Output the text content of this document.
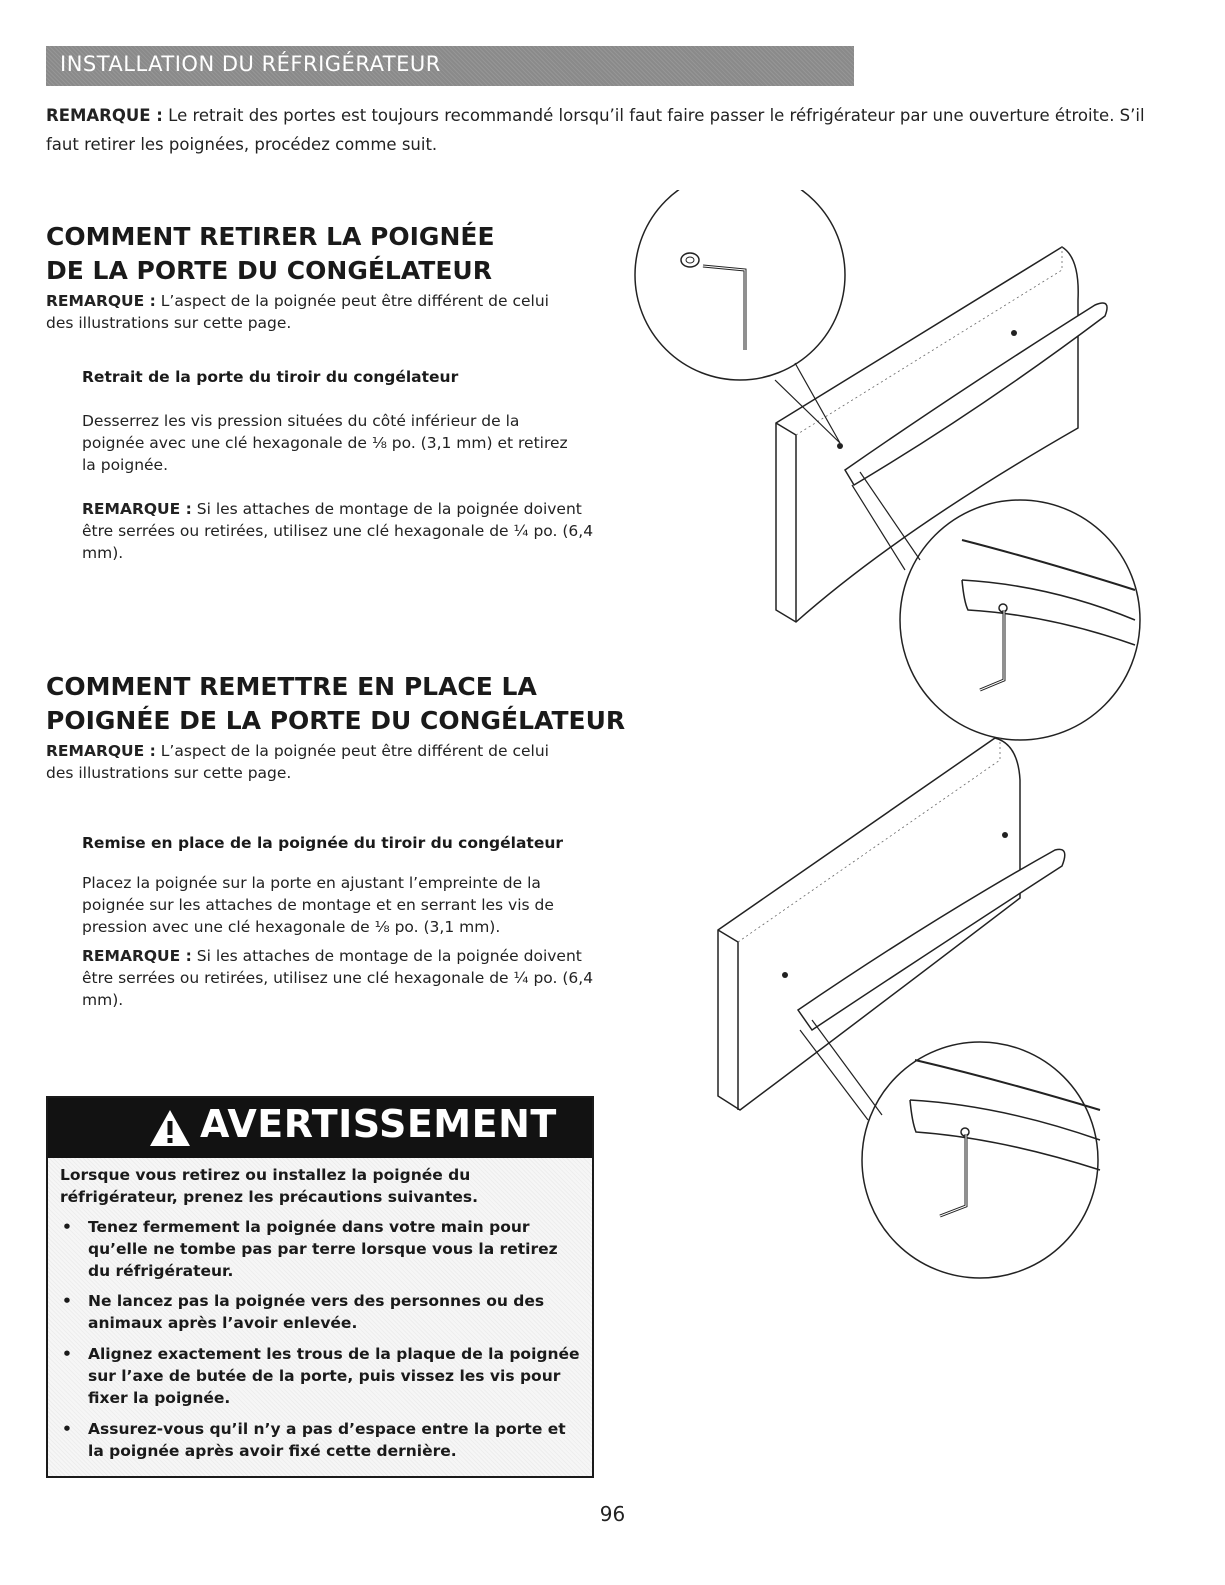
INSTALLATION DU RÉFRIGÉRATEUR
REMARQUE : Le retrait des portes est toujours recommandé lorsqu’il faut faire passer le réfrigérateur par une ouverture étroite. S’il faut retirer les poignées, procédez comme suit.
COMMENT RETIRER LA POIGNÉE
DE LA PORTE DU CONGÉLATEUR
REMARQUE : L’aspect de la poignée peut être différent de celui des illustrations sur cette page.
Retrait de la porte du tiroir du congélateur
Desserrez les vis pression situées du côté inférieur de la poignée avec une clé hexagonale de ⅛ po. (3,1 mm) et retirez la poignée.
REMARQUE : Si les attaches de montage de la poignée doivent être serrées ou retirées, utilisez une clé hexagonale de ¼ po. (6,4 mm).
COMMENT REMETTRE EN PLACE LA
POIGNÉE DE LA PORTE DU CONGÉLATEUR
REMARQUE : L’aspect de la poignée peut être différent de celui des illustrations sur cette page.
Remise en place de la poignée du tiroir du congélateur
Placez la poignée sur la porte en ajustant l’empreinte de la poignée sur les attaches de montage et en serrant les vis de pression avec une clé hexagonale de ⅛ po. (3,1 mm).
REMARQUE : Si les attaches de montage de la poignée doivent être serrées ou retirées, utilisez une clé hexagonale de ¼ po. (6,4 mm).
AVERTISSEMENT
Lorsque vous retirez ou installez la poignée du réfrigérateur, prenez les précautions suivantes.
•	Tenez fermement la poignée dans votre main pour qu’elle ne tombe pas par terre lorsque vous la retirez du réfrigérateur.
•	Ne lancez pas la poignée vers des personnes ou des animaux après l’avoir enlevée.
•	Alignez exactement les trous de la plaque de la poignée sur l’axe de butée de la porte, puis vissez les vis pour fixer la poignée.
•	Assurez-vous qu’il n’y a pas d’espace entre la porte et la poignée après avoir fixé cette dernière.
96
